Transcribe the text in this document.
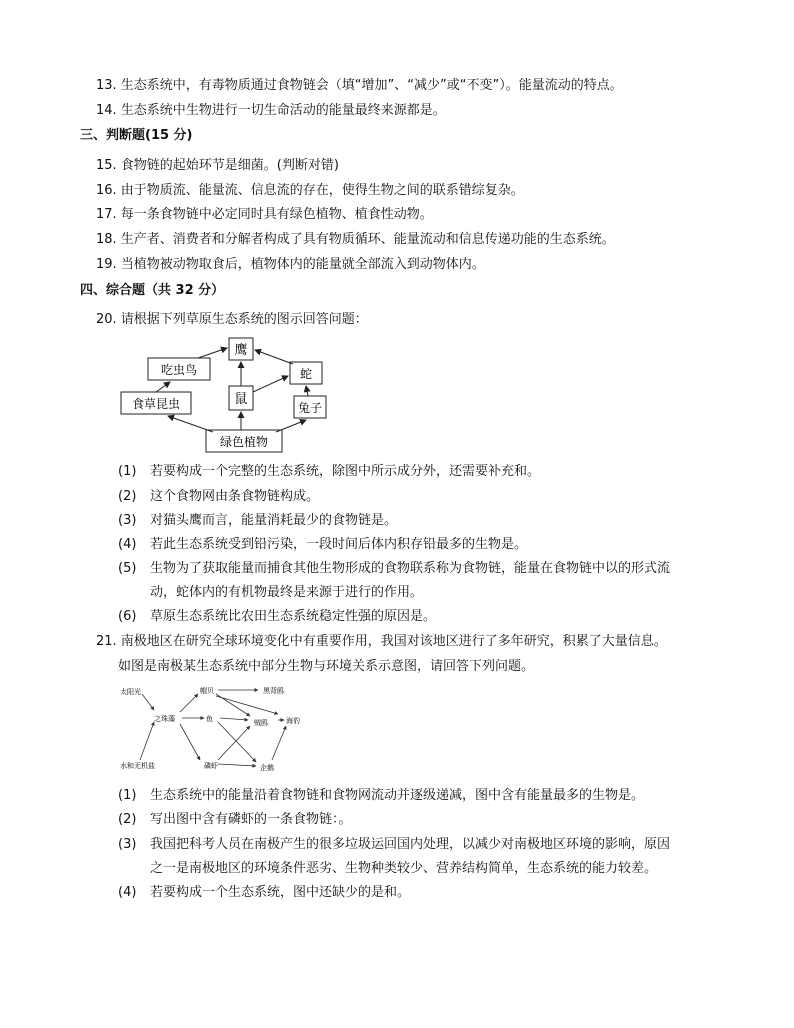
13. 生态系统中，有毒物质通过食物链会（填“增加”、“减少”或“不变”）。能量流动的特点。
14. 生态系统中生物进行一切生命活动的能量最终来源都是。
三、判断题(15 分)
15. 食物链的起始环节是细菌。(判断对错)
16. 由于物质流、能量流、信息流的存在，使得生物之间的联系错综复杂。
17. 每一条食物链中必定同时具有绿色植物、植食性动物。
18. 生产者、消费者和分解者构成了具有物质循环、能量流动和信息传递功能的生态系统。
19. 当植物被动物取食后，植物体内的能量就全部流入到动物体内。
四、综合题（共 32 分）
20. 请根据下列草原生态系统的图示回答问题：
鹰
吃虫鸟	蛇
鼠
食草昆虫	兔子
绿色植物
(1) 若要构成一个完整的生态系统，除图中所示成分外，还需要补充和。
(2) 这个食物网由条食物链构成。
(3) 对猫头鹰而言，能量消耗最少的食物链是。
(4) 若此生态系统受到铅污染，一段时间后体内积存铅最多的生物是。
(5) 生物为了获取能量而捕食其他生物形成的食物联系称为食物链，能量在食物链中以的形式流
动，蛇体内的有机物最终是来源于进行的作用。
(6) 草原生态系统比农田生态系统稳定性强的原因是。
21. 南极地区在研究全球环境变化中有重要作用，我国对该地区进行了多年研究，积累了大量信息。
如图是南极某生态系统中部分生物与环境关系示意图，请回答下列问题。
太阳光
水和无机盐
之珠藻
帽贝
鱼
磷虾
黑背鸥
贼鸥	海豹
企鹅
(1) 生态系统中的能量沿着食物链和食物网流动并逐级递减，图中含有能量最多的生物是。
(2) 写出图中含有磷虾的一条食物链：。
(3) 我国把科考人员在南极产生的很多垃圾运回国内处理，以减少对南极地区环境的影响，原因
之一是南极地区的环境条件恶劣、生物种类较少、营养结构简单，生态系统的能力较差。
(4) 若要构成一个生态系统，图中还缺少的是和。
